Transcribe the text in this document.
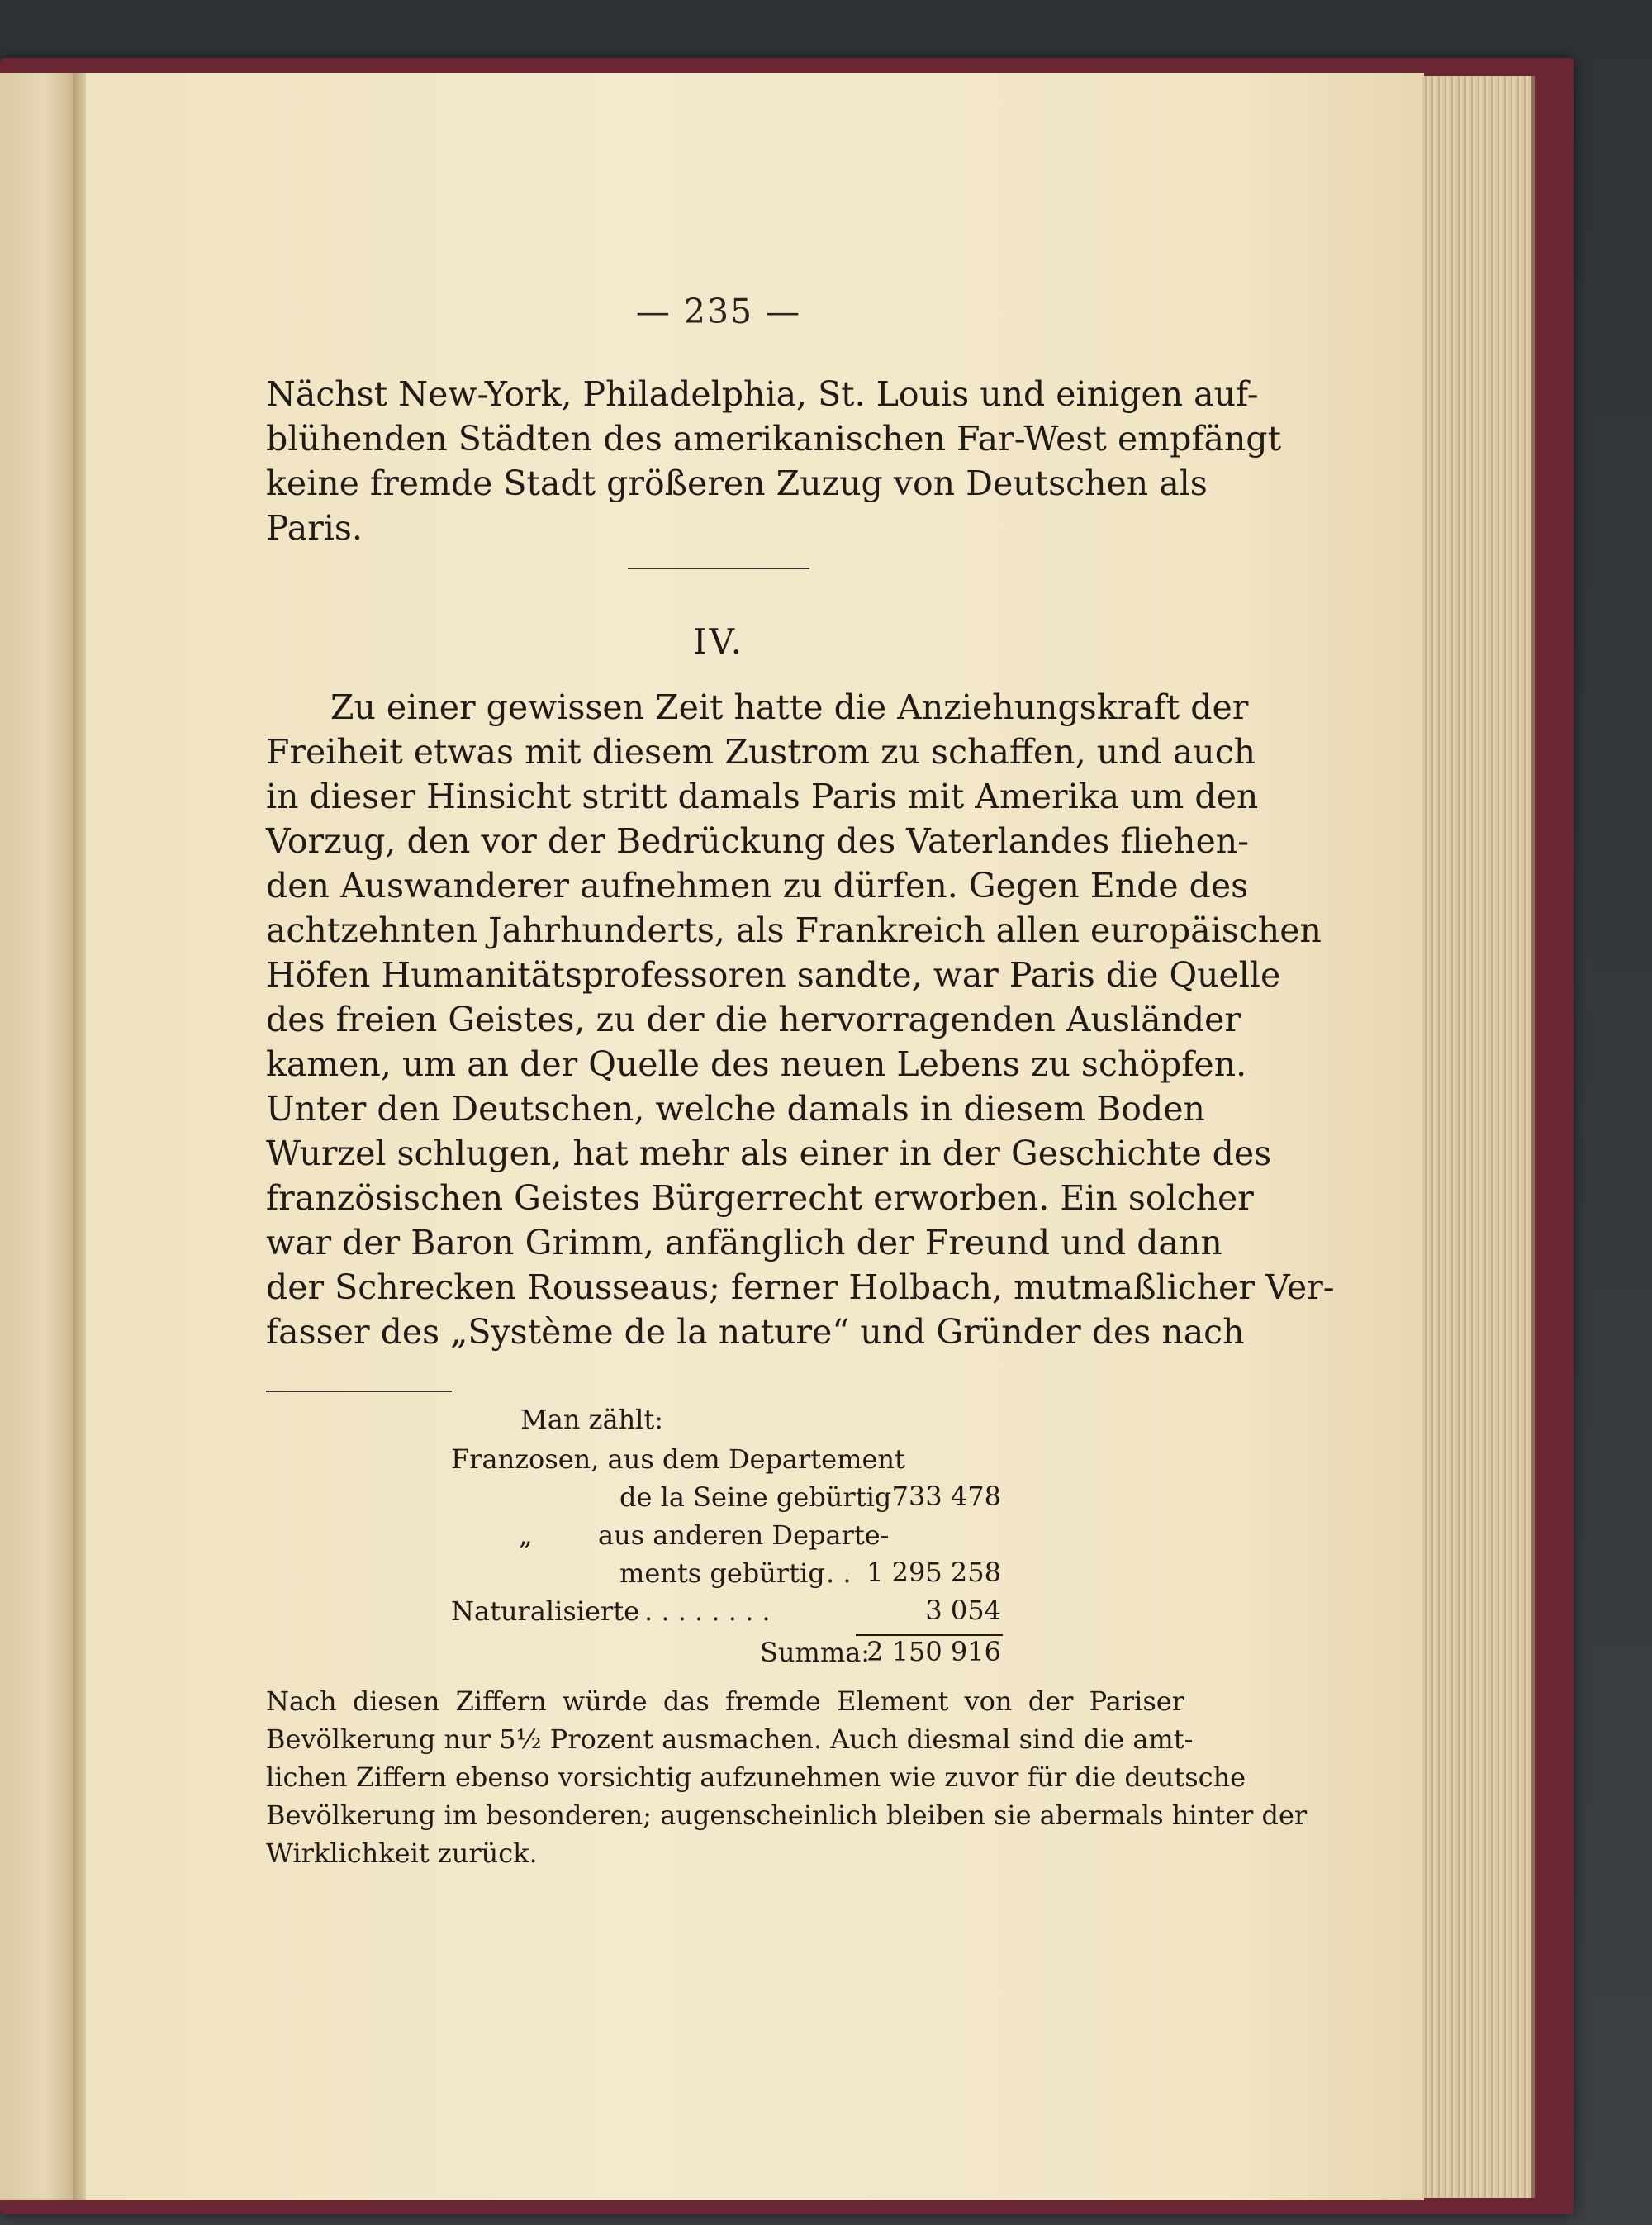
— 235 —

Nächst New-York, Philadelphia, St. Louis und einigen auf-

blühenden Städten des amerikanischen Far-West empfängt

keine fremde Stadt größeren Zuzug von Deutschen als

Paris.

IV.

Zu einer gewissen Zeit hatte die Anziehungskraft der

Freiheit etwas mit diesem Zustrom zu schaffen, und auch

in dieser Hinsicht stritt damals Paris mit Amerika um den

Vorzug, den vor der Bedrückung des Vaterlandes fliehen-

den Auswanderer aufnehmen zu dürfen. Gegen Ende des

achtzehnten Jahrhunderts, als Frankreich allen europäischen

Höfen Humanitätsprofessoren sandte, war Paris die Quelle

des freien Geistes, zu der die hervorragenden Ausländer

kamen, um an der Quelle des neuen Lebens zu schöpfen.

Unter den Deutschen, welche damals in diesem Boden

Wurzel schlugen, hat mehr als einer in der Geschichte des

französischen Geistes Bürgerrecht erworben. Ein solcher

war der Baron Grimm, anfänglich der Freund und dann

der Schrecken Rousseaus; ferner Holbach, mutmaßlicher Ver-

fasser des „Système de la nature“ und Gründer des nach

Man zählt:

Franzosen, aus dem Departement

de la Seine gebürtig 733 478

„ aus anderen Departe-

ments gebürtig . . 1 295 258

Naturalisierte . . . . . . . .	3 054

Summa:

2 150 916

Nach diesen Ziffern würde das fremde Element von der Pariser

Bevölkerung nur 5½ Prozent ausmachen. Auch diesmal sind die amt-

lichen Ziffern ebenso vorsichtig aufzunehmen wie zuvor für die deutsche

Bevölkerung im besonderen; augenscheinlich bleiben sie abermals hinter der

Wirklichkeit zurück.
